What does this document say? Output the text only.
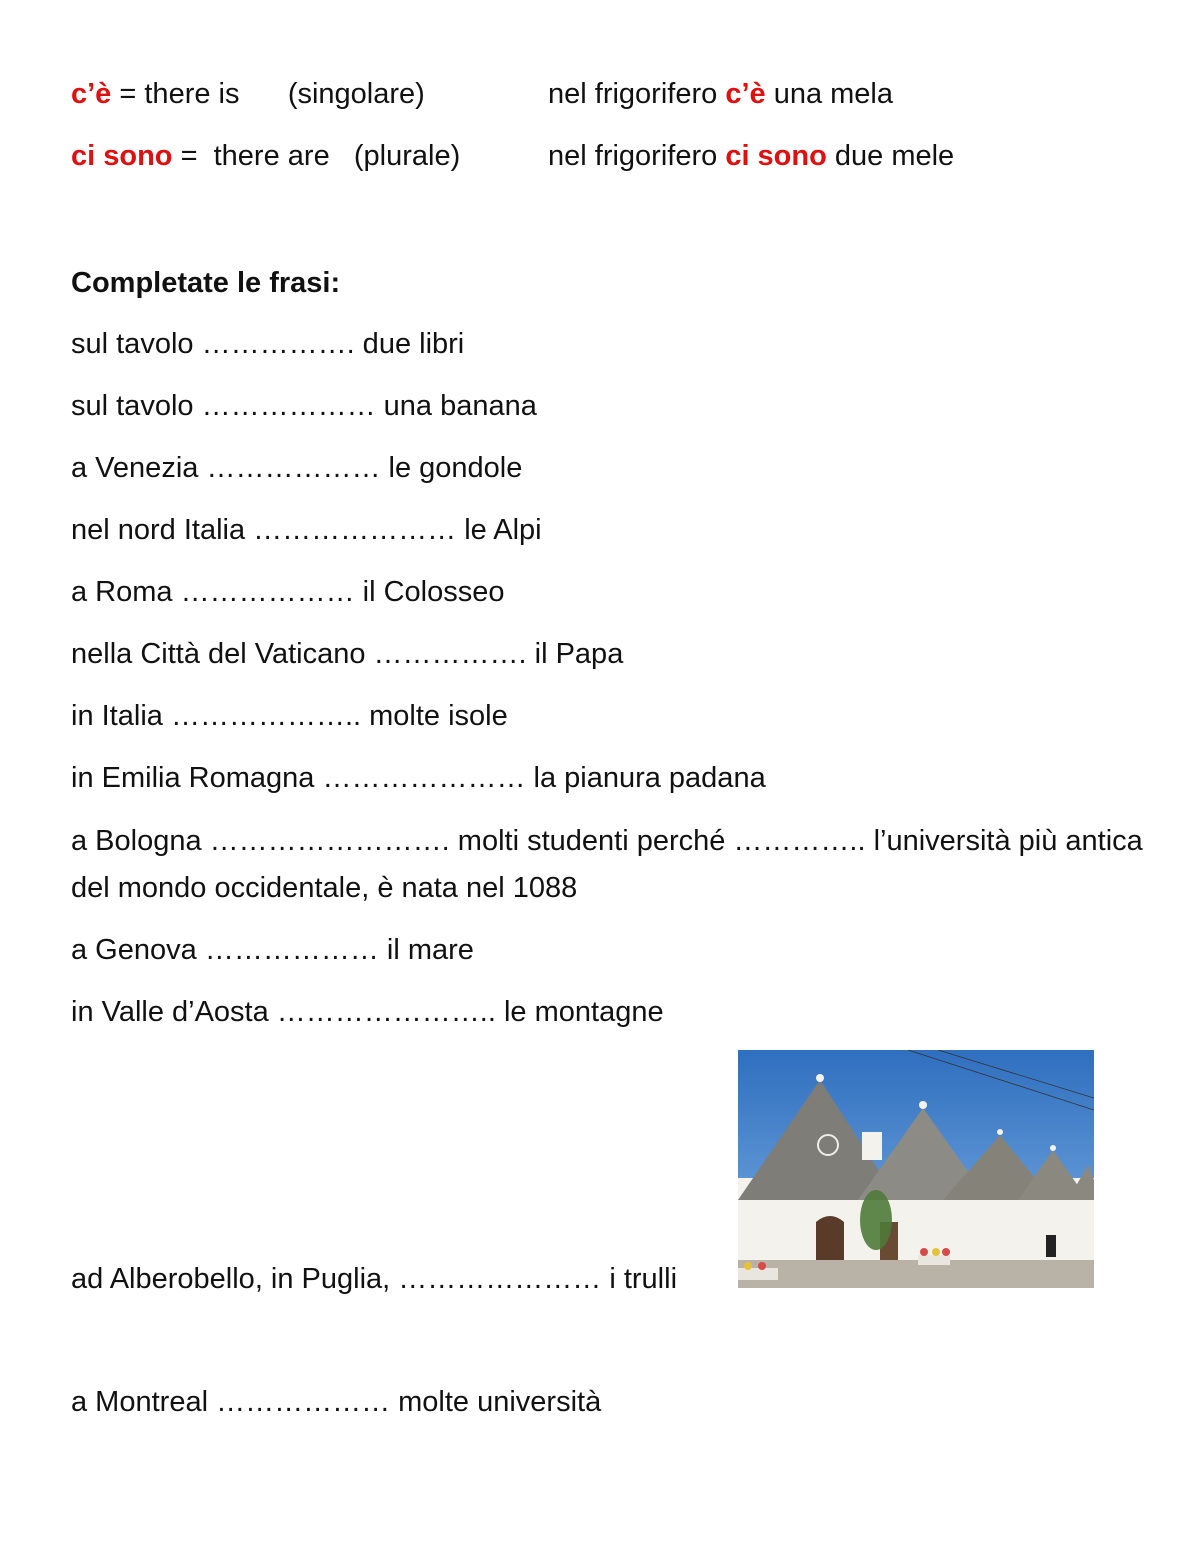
c’è = there is      (singolare)	nel frigorifero c’è una mela
ci sono =  there are   (plurale)	nel frigorifero ci sono due mele
Completate le frasi:
sul tavolo ……………. due libri
sul tavolo ……………… una banana
a Venezia ……………… le gondole
nel nord Italia ………………… le Alpi
a Roma ……………… il Colosseo
nella Città del Vaticano ……………. il Papa
in Italia ……………….. molte isole
in Emilia Romagna ………………… la pianura padana
a Bologna ……………………. molti studenti perché ………….. l’università più antica del mondo occidentale, è nata nel 1088
a Genova ……………… il mare
in Valle d’Aosta ………………….. le montagne
ad Alberobello, in Puglia, ………………… i trulli
a Montreal ……………… molte università
